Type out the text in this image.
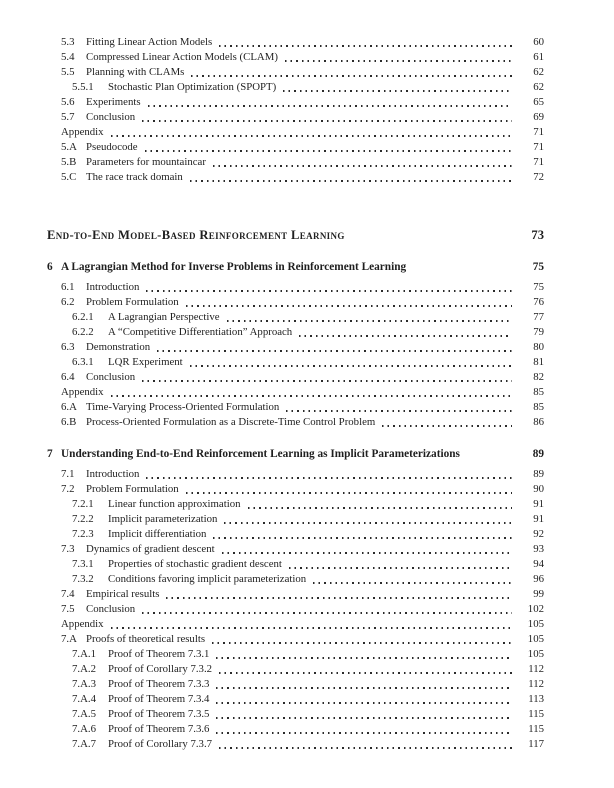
5.3	Fitting Linear Action Models	60
5.4	Compressed Linear Action Models (CLAM)	61
5.5	Planning with CLAMs	62
5.5.1	Stochastic Plan Optimization (SPOPT)	62
5.6	Experiments	65
5.7	Conclusion	69
Appendix	71
5.A Pseudocode	71
5.B Parameters for mountaincar	71
5.C The race track domain	72
End-to-End Model-Based Reinforcement Learning	73
6 A Lagrangian Method for Inverse Problems in Reinforcement Learning	75
6.1	Introduction	75
6.2	Problem Formulation	76
6.2.1	A Lagrangian Perspective	77
6.2.2	A “Competitive Differentiation” Approach	79
6.3	Demonstration	80
6.3.1	LQR Experiment	81
6.4	Conclusion	82
Appendix	85
6.A Time-Varying Process-Oriented Formulation	85
6.B Process-Oriented Formulation as a Discrete-Time Control Problem	86
7 Understanding End-to-End Reinforcement Learning as Implicit Parameterizations	89
7.1	Introduction	89
7.2	Problem Formulation	90
7.2.1	Linear function approximation	91
7.2.2	Implicit parameterization	91
7.2.3	Implicit differentiation	92
7.3	Dynamics of gradient descent	93
7.3.1	Properties of stochastic gradient descent	94
7.3.2	Conditions favoring implicit parameterization	96
7.4	Empirical results	99
7.5	Conclusion	102
Appendix	105
7.A Proofs of theoretical results	105
7.A.1	Proof of Theorem 7.3.1	105
7.A.2	Proof of Corollary 7.3.2	112
7.A.3	Proof of Theorem 7.3.3	112
7.A.4	Proof of Theorem 7.3.4	113
7.A.5	Proof of Theorem 7.3.5	115
7.A.6	Proof of Theorem 7.3.6	115
7.A.7	Proof of Corollary 7.3.7	117
